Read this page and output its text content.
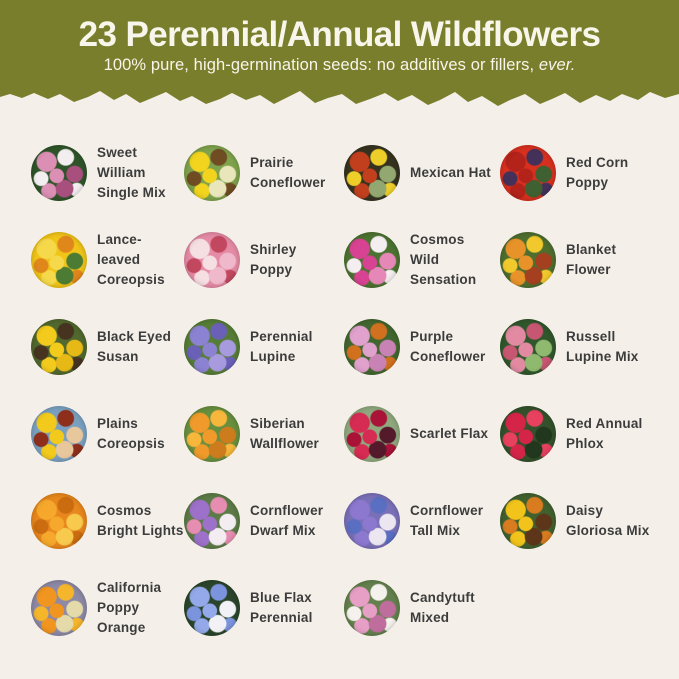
23 Perennial/Annual Wildflowers

100% pure, high-germination seeds: no additives or fillers, ever.

Sweet
William
Single Mix
Prairie
Coneflower
Mexican Hat
Red Corn
Poppy
Lance-
leaved
Coreopsis
Shirley
Poppy
Cosmos
Wild
Sensation
Blanket
Flower
Black Eyed
Susan
Perennial
Lupine
Purple
Coneflower
Russell
Lupine Mix
Plains
Coreopsis
Siberian
Wallflower
Scarlet Flax
Red Annual
Phlox
Cosmos
Bright Lights
Cornflower
Dwarf Mix
Cornflower
Tall Mix
Daisy
Gloriosa Mix
California
Poppy
Orange
Blue Flax
Perennial
Candytuft
Mixed
